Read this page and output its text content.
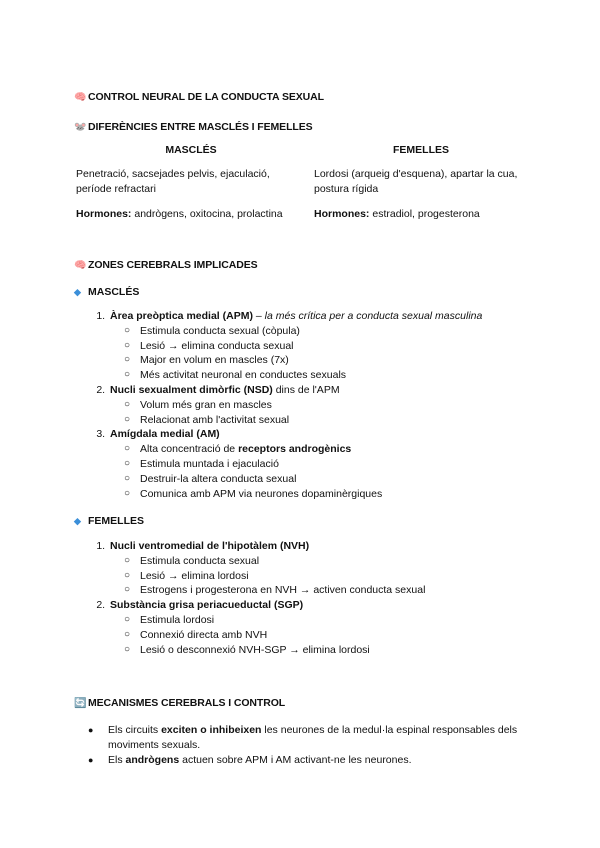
🧠 CONTROL NEURAL DE LA CONDUCTA SEXUAL
🐭 DIFERÈNCIES ENTRE MASCLÉS I FEMELLES
MASCLÉS	FEMELLES
Penetració, sacsejades pelvis, ejaculació, període refractari	Lordosi (arqueig d'esquena), apartar la cua, postura rígida
Hormones: andrògens, oxitocina, prolactina	Hormones: estradiol, progesterona
🧠 ZONES CEREBRALS IMPLICADES
◆ MASCLÉS
1. Àrea preòptica medial (APM) – la més crítica per a conducta sexual masculina
○ Estimula conducta sexual (còpula)
○ Lesió → elimina conducta sexual
○ Major en volum en mascles (7x)
○ Més activitat neuronal en conductes sexuals
2. Nucli sexualment dimòrfic (NSD) dins de l'APM
○ Volum més gran en mascles
○ Relacionat amb l'activitat sexual
3. Amígdala medial (AM)
○ Alta concentració de receptors androgènics
○ Estimula muntada i ejaculació
○ Destruir-la altera conducta sexual
○ Comunica amb APM via neurones dopaminèrgiques
◆ FEMELLES
1. Nucli ventromedial de l'hipotàlem (NVH)
○ Estimula conducta sexual
○ Lesió → elimina lordosi
○ Estrogens i progesterona en NVH → activen conducta sexual
2. Substància grisa periacueductal (SGP)
○ Estimula lordosi
○ Connexió directa amb NVH
○ Lesió o desconnexió NVH-SGP → elimina lordosi
🔄 MECANISMES CEREBRALS I CONTROL
● Els circuits exciten o inhibeixen les neurones de la medul·la espinal responsables dels moviments sexuals.
● Els andrògens actuen sobre APM i AM activant-ne les neurones.
